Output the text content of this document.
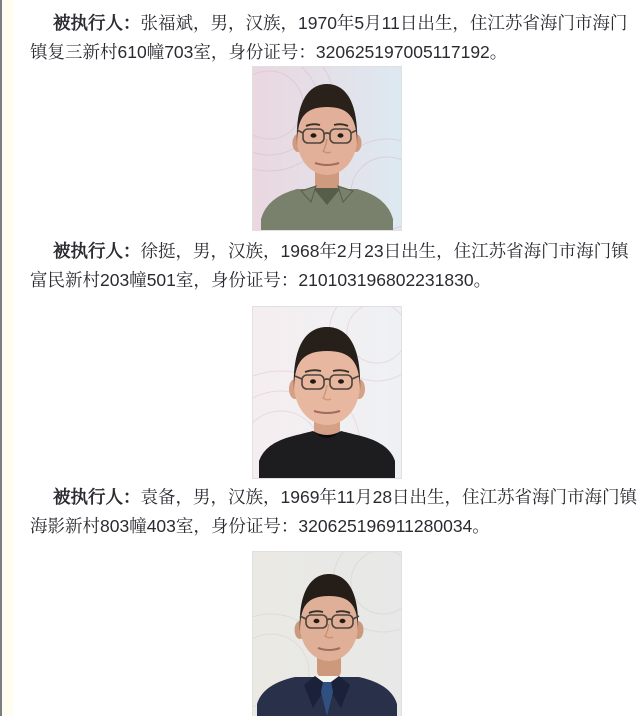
被执行人：张福斌，男，汉族，1970年5月11日出生，住江苏省海门市海门
镇复三新村610幢703室，身份证号：320625197005117192。

被执行人：徐挺，男，汉族，1968年2月23日出生，住江苏省海门市海门镇
富民新村203幢501室，身份证号：210103196802231830。

被执行人：袁备，男，汉族，1969年11月28日出生，住江苏省海门市海门镇
海影新村803幢403室，身份证号：320625196911280034。
